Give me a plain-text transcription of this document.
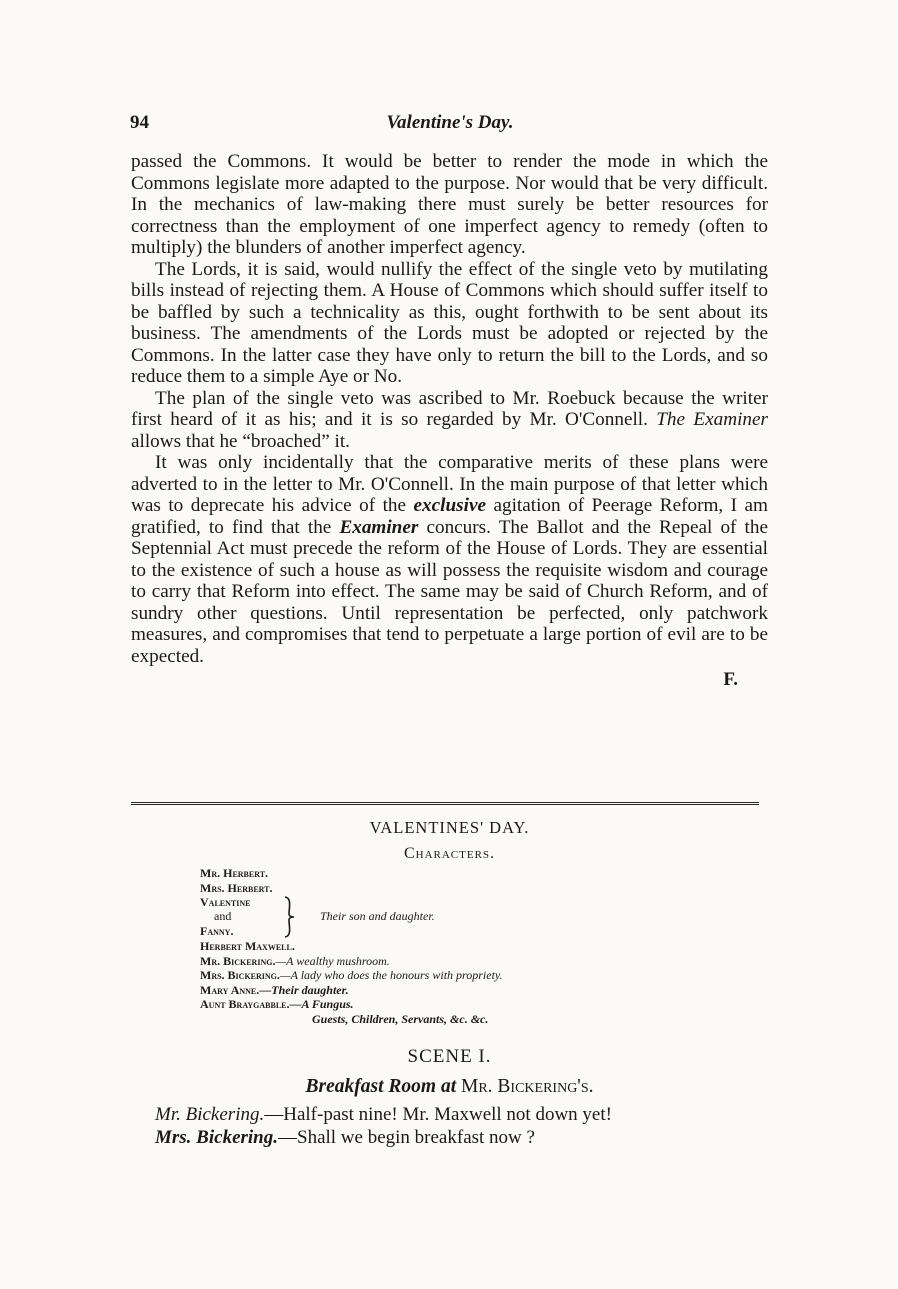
94	Valentine's Day.

passed the Commons. It would be better to render the mode in which the Commons legislate more adapted to the purpose. Nor would that be very difficult. In the mechanics of law-making there must surely be better resources for correctness than the employment of one imperfect agency to remedy (often to multiply) the blunders of another imperfect agency.

The Lords, it is said, would nullify the effect of the single veto by mutilating bills instead of rejecting them. A House of Commons which should suffer itself to be baffled by such a technicality as this, ought forthwith to be sent about its business. The amendments of the Lords must be adopted or rejected by the Commons. In the latter case they have only to return the bill to the Lords, and so reduce them to a simple Aye or No.

The plan of the single veto was ascribed to Mr. Roebuck because the writer first heard of it as his; and it is so regarded by Mr. O'Connell. The Examiner allows that he “broached” it.

It was only incidentally that the comparative merits of these plans were adverted to in the letter to Mr. O'Connell. In the main purpose of that letter which was to deprecate his advice of the exclusive agitation of Peerage Reform, I am gratified, to find that the Examiner concurs. The Ballot and the Repeal of the Septennial Act must precede the reform of the House of Lords. They are essential to the existence of such a house as will possess the requisite wisdom and courage to carry that Reform into effect. The same may be said of Church Reform, and of sundry other questions. Until representation be perfected, only patchwork measures, and compromises that tend to perpetuate a large portion of evil are to be expected.

F.
VALENTINES' DAY.
Characters.
Mr. Herbert.
Mrs. Herbert.
Valentine
and
Fanny.
Their son and daughter.
Herbert Maxwell.
Mr. Bickering.—A wealthy mushroom.
Mrs. Bickering.—A lady who does the honours with propriety.
Mary Anne.—Their daughter.
Aunt Braygabble.—A Fungus.
Guests, Children, Servants, &c. &c.
SCENE I.
Breakfast Room at Mr. Bickering's.

Mr. Bickering.—Half-past nine! Mr. Maxwell not down yet!

Mrs. Bickering.—Shall we begin breakfast now ?
